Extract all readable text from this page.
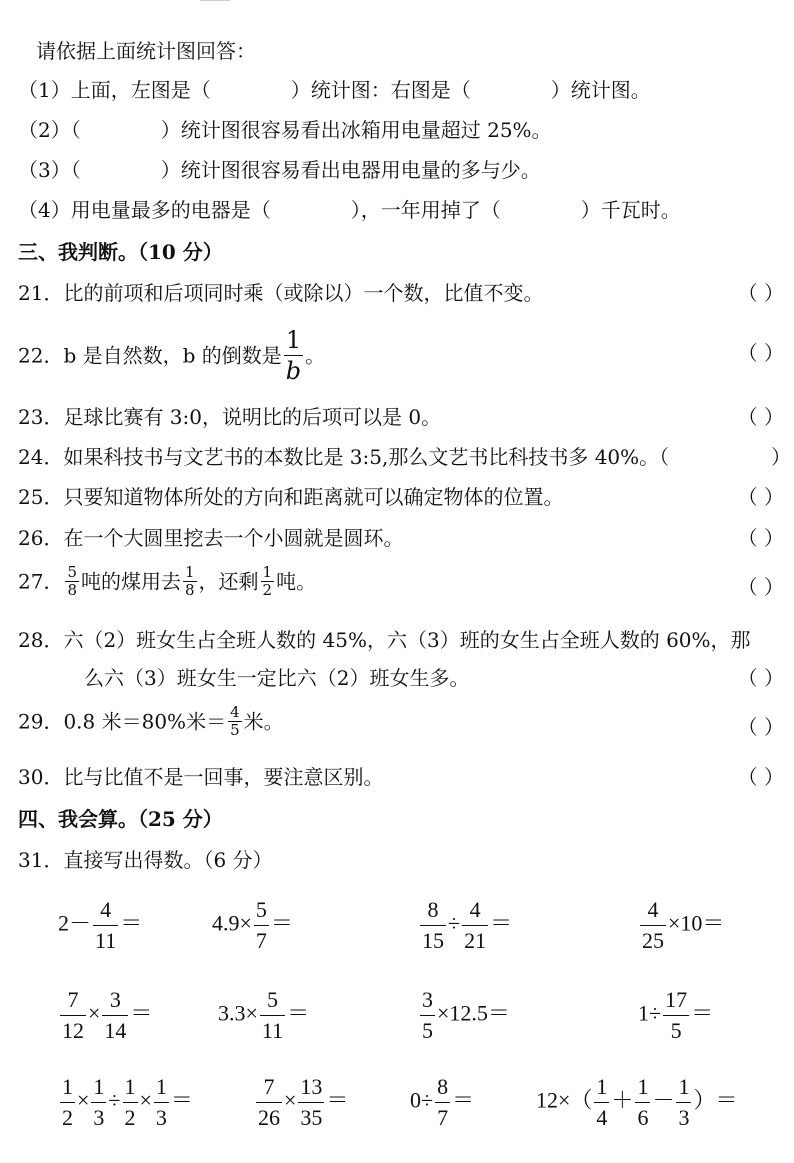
请依据上面统计图回答：
（1）上面，左图是（	）统计图：右图是（	）统计图。
（2）（	）统计图很容易看出冰箱用电量超过 25%。
（3）（	）统计图很容易看出电器用电量的多与少。
（4）用电量最多的电器是（	），一年用掉了（	）千瓦时。
三、我判断。（10 分）
21．比的前项和后项同时乘（或除以）一个数，比值不变。	（ ）
22．b 是自然数，b 的倒数是 $\frac{1}{b}$ 。	（ ）
23．足球比赛有 3:0，说明比的后项可以是 0。	（ ）
24．如果科技书与文艺书的本数比是 3:5,那么文艺书比科技书多 40%。（	）
25．只要知道物体所处的方向和距离就可以确定物体的位置。	（ ）
26．在一个大圆里挖去一个小圆就是圆环。	（ ）
27． $\frac{5}{8}$ 吨的煤用去 $\frac{1}{8}$ ，还剩 $\frac{1}{2}$ 吨。	（ ）
28．六（2）班女生占全班人数的 45%，六（3）班的女生占全班人数的 60%，那
么六（3）班女生一定比六（2）班女生多。	（ ）
29．0.8 米＝80%米＝ $\frac{4}{5}$ 米。	（ ）
30．比与比值不是一回事，要注意区别。	（ ）
四、我会算。（25 分）
31．直接写出得数。（6 分）
$2- \frac{4}{11}$ ＝	$4.9\times \frac{5}{7}$ ＝	$\frac{8}{15} \div \frac{4}{21}$ ＝	$\frac{4}{25} \times 10=$
$\frac{7}{12} \times \frac{3}{14}$ ＝	$3.3\times \frac{5}{11}$ ＝	$\frac{3}{5} \times 12.5=$	$1\div \frac{17}{5}$ ＝
$\frac{1}{2} \times \frac{1}{3} \div \frac{1}{2} \times \frac{1}{3}$ ＝	$\frac{7}{26} \times \frac{13}{35}$ ＝	$0\div \frac{8}{7}$ ＝	$12\times( \frac{1}{4} + \frac{1}{6} - \frac{1}{3}$ ）＝
